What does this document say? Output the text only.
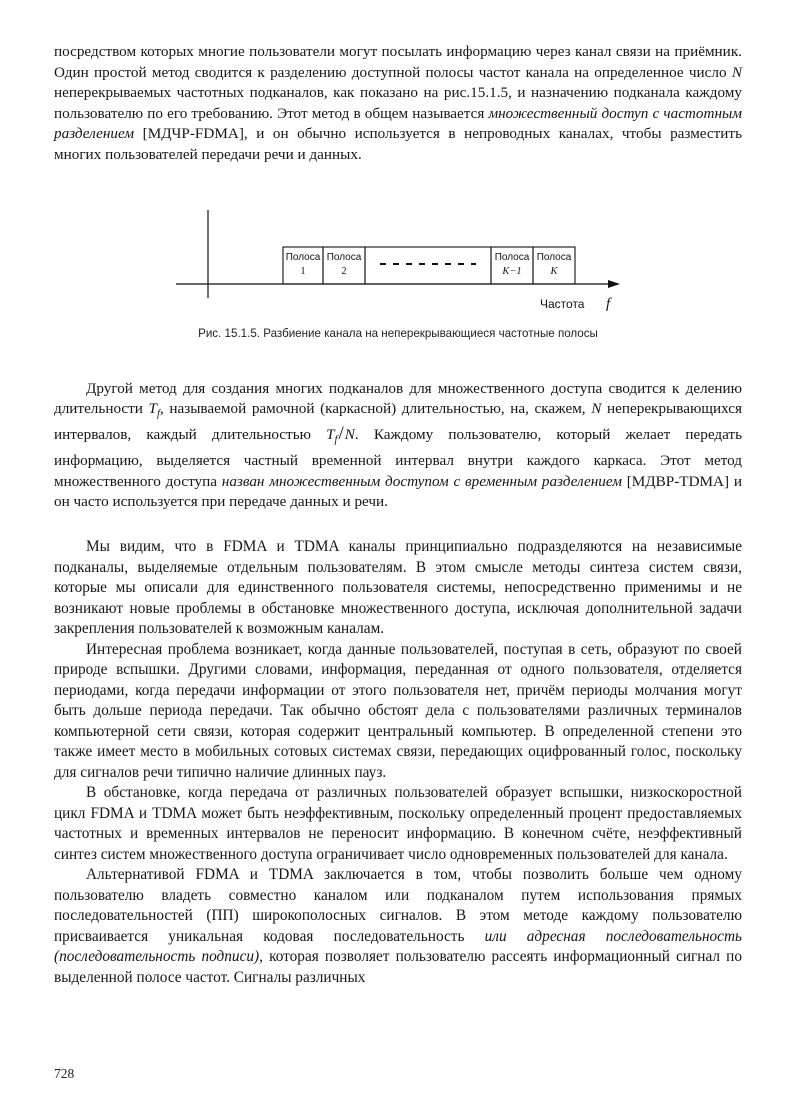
посредством которых многие пользователи могут посылать информацию через канал связи на приёмник. Один простой метод сводится к разделению доступной полосы частот канала на определенное число N неперекрываемых частотных подканалов, как показано на рис.15.1.5, и назначению подканала каждому пользователю по его требованию. Этот метод в общем называется множественный доступ с частотным разделением [МДЧР-FDMA], и он обычно используется в непроводных каналах, чтобы разместить многих пользователей передачи речи и данных.

Полоса
1
Полоса
2
Полоса
K−1
Полоса
K
Частота f
Рис. 15.1.5. Разбиение канала на неперекрывающиеся частотные полосы

Другой метод для создания многих подканалов для множественного доступа сводится к делению длительности $T_f$, называемой рамочной (каркасной) длительностью, на, скажем, N неперекрывающихся интервалов, каждый длительностью $T_f/N$. Каждому пользователю, который желает передать информацию, выделяется частный временной интервал внутри каждого каркаса. Этот метод множественного доступа назван множественным доступом с временным разделением [МДВР-TDMA] и он часто используется при передаче данных и речи.

Мы видим, что в FDMA и TDMA каналы принципиально подразделяются на независимые подканалы, выделяемые отдельным пользователям. В этом смысле методы синтеза систем связи, которые мы описали для единственного пользователя системы, непосредственно применимы и не возникают новые проблемы в обстановке множественного доступа, исключая дополнительной задачи закрепления пользователей к возможным каналам.

Интересная проблема возникает, когда данные пользователей, поступая в сеть, образуют по своей природе вспышки. Другими словами, информация, переданная от одного пользователя, отделяется периодами, когда передачи информации от этого пользователя нет, причём периоды молчания могут быть дольше периода передачи. Так обычно обстоят дела с пользователями различных терминалов компьютерной сети связи, которая содержит центральный компьютер. В определенной степени это также имеет место в мобильных сотовых системах связи, передающих оцифрованный голос, поскольку для сигналов речи типично наличие длинных пауз.

В обстановке, когда передача от различных пользователей образует вспышки, низкоскоростной цикл FDMA и TDMA может быть неэффективным, поскольку определенный процент предоставляемых частотных и временных интервалов не переносит информацию. В конечном счёте, неэффективный синтез систем множественного доступа ограничивает число одновременных пользователей для канала.

Альтернативой FDMA и TDMA заключается в том, чтобы позволить больше чем одному пользователю владеть совместно каналом или подканалом путем использования прямых последовательностей (ПП) широкополосных сигналов. В этом методе каждому пользователю присваивается уникальная кодовая последовательность или адресная последовательность (последовательность подписи), которая позволяет пользователю рассеять информационный сигнал по выделенной полосе частот. Сигналы различных

728
